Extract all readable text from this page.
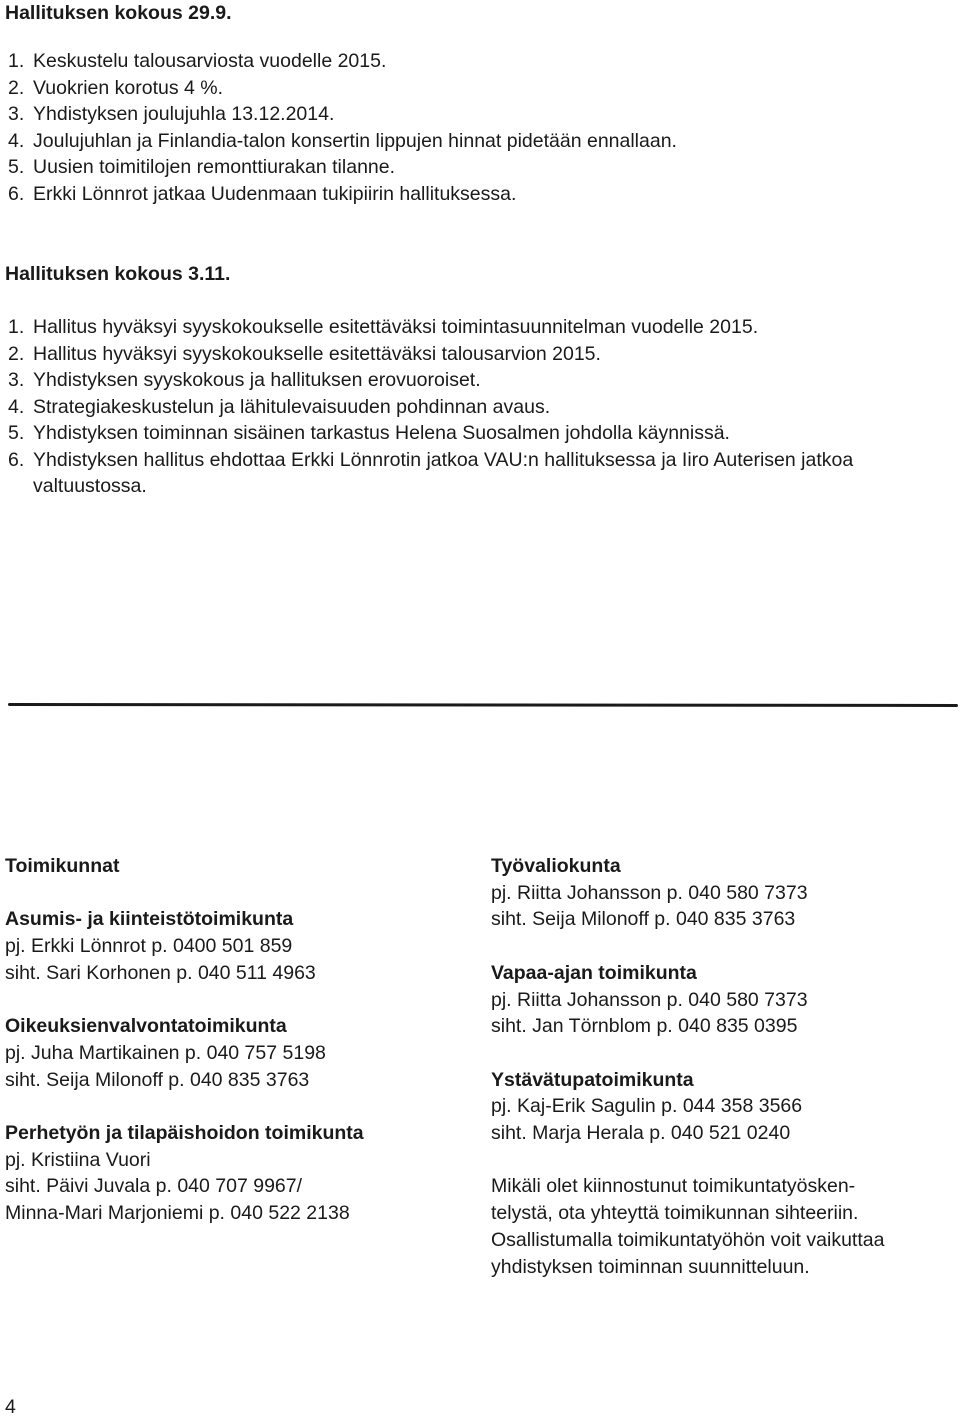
Hallituksen kokous 29.9.
1. Keskustelu talousarviosta vuodelle 2015.
2. Vuokrien korotus 4 %.
3. Yhdistyksen joulujuhla 13.12.2014.
4. Joulujuhlan ja Finlandia-talon konsertin lippujen hinnat pidetään ennallaan.
5. Uusien toimitilojen remonttiurakan tilanne.
6. Erkki Lönnrot jatkaa Uudenmaan tukipiirin hallituksessa.
Hallituksen kokous 3.11.
1. Hallitus hyväksyi syyskokoukselle esitettäväksi toimintasuunnitelman vuodelle 2015.
2. Hallitus hyväksyi syyskokoukselle esitettäväksi talousarvion 2015.
3. Yhdistyksen syyskokous ja hallituksen erovuoroiset.
4. Strategiakeskustelun ja lähitulevaisuuden pohdinnan avaus.
5. Yhdistyksen toiminnan sisäinen tarkastus Helena Suosalmen johdolla käynnissä.
6. Yhdistyksen hallitus ehdottaa Erkki Lönnrotin jatkoa VAU:n hallituksessa ja Iiro Auterisen jatkoa valtuustossa.
Toimikunnat
Asumis- ja kiinteistötoimikunta
pj. Erkki Lönnrot p. 0400 501 859
siht. Sari Korhonen p. 040 511 4963
Oikeuksienvalvontatoimikunta
pj. Juha Martikainen p. 040 757 5198
siht. Seija Milonoff p. 040 835 3763
Perhetyön ja tilapäishoidon toimikunta
pj. Kristiina Vuori
siht. Päivi Juvala p. 040 707 9967/
Minna-Mari Marjoniemi p. 040 522 2138
Työvaliokunta
pj. Riitta Johansson p. 040 580 7373
siht. Seija Milonoff p. 040 835 3763
Vapaa-ajan toimikunta
pj. Riitta Johansson p. 040 580 7373
siht. Jan Törnblom p. 040 835 0395
Ystävätupatoimikunta
pj. Kaj-Erik Sagulin p. 044 358 3566
siht. Marja Herala p. 040 521 0240
Mikäli olet kiinnostunut toimikuntatyösken-
telystä, ota yhteyttä toimikunnan sihteeriin.
Osallistumalla toimikuntatyöhön voit vaikuttaa
yhdistyksen toiminnan suunnitteluun.
4
